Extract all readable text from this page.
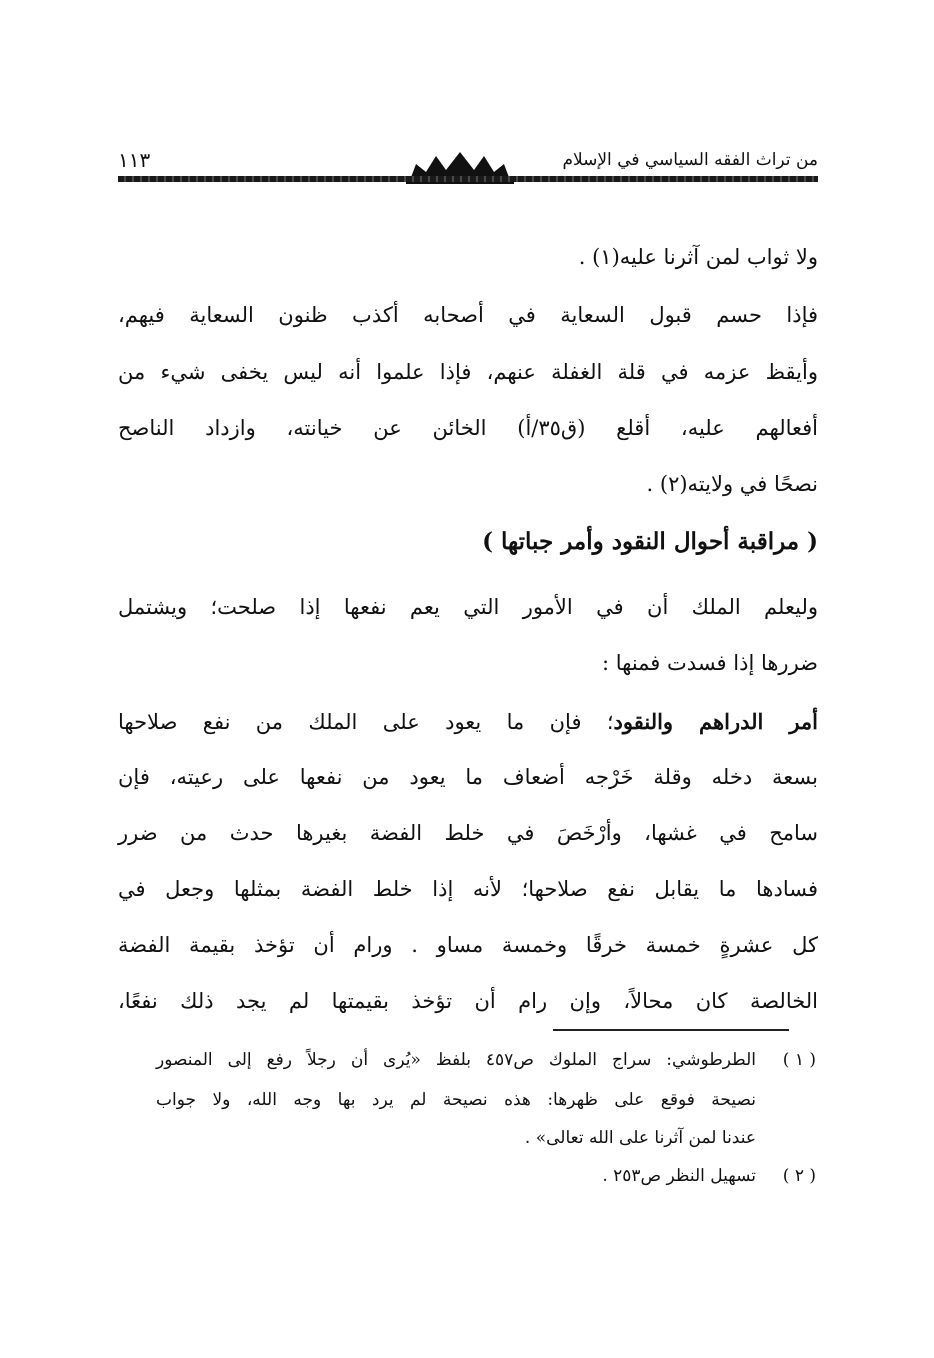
من تراث الفقه السياسي في الإسلام
١١٣
ولا ثواب لمن آثرنا عليه(١) .
فإذا حسم قبول السعاية في أصحابه أكذب ظنون السعاية فيهم،
وأيقظ عزمه في قلة الغفلة عنهم، فإذا علموا أنه ليس يخفى شيء من
أفعالهم عليه، أقلع (ق٣٥/أ) الخائن عن خيانته، وازداد الناصح
نصحًا في ولايته(٢) .
( مراقبة أحوال النقود وأمر جباتها )
وليعلم الملك أن في الأمور التي يعم نفعها إذا صلحت؛ ويشتمل
ضررها إذا فسدت فمنها :
أمر الدراهم والنقود؛ فإن ما يعود على الملك من نفع صلاحها
بسعة دخله وقلة خَرْجه أضعاف ما يعود من نفعها على رعيته، فإن
سامح في غشها، وأرْخَصَ في خلط الفضة بغيرها حدث من ضرر
فسادها ما يقابل نفع صلاحها؛ لأنه إذا خلط الفضة بمثلها وجعل في
كل عشرةٍ خمسة خرقًا وخمسة مساو . ورام أن تؤخذ بقيمة الفضة
الخالصة كان محالاً، وإن رام أن تؤخذ بقيمتها لم يجد ذلك نفعًا،
( ١ )
الطرطوشي: سراج الملوك ص٤٥٧ بلفظ «يُرى أن رجلاً رفع إلى المنصور
نصيحة فوقع على ظهرها: هذه نصيحة لم يرد بها وجه الله، ولا جواب
عندنا لمن آثرنا على الله تعالى» .
( ٢ )
تسهيل النظر ص٢٥٣ .
